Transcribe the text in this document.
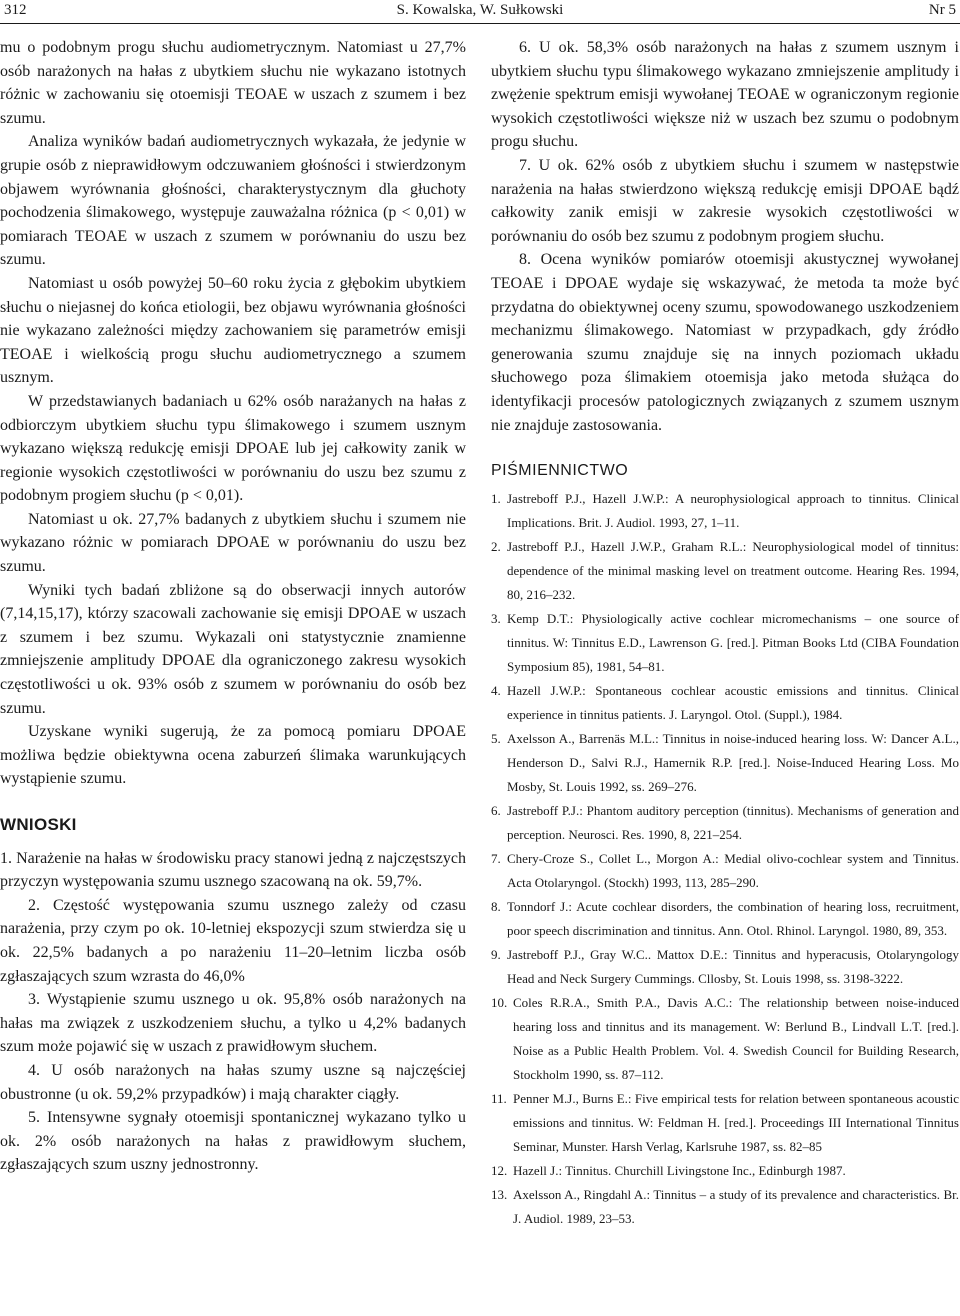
312	S. Kowalska, W. Sułkowski	Nr 5

mu o podobnym progu słuchu audiometrycznym. Natomiast u 27,7% osób narażonych na hałas z ubytkiem słuchu nie wykazano istotnych różnic w zachowaniu się otoemisji TEOAE w uszach z szumem i bez szumu.

Analiza wyników badań audiometrycznych wykazała, że jedynie w grupie osób z nieprawidłowym odczuwaniem głośności i stwierdzonym objawem wyrównania głośności, charakterystycznym dla głuchoty pochodzenia ślimakowego, występuje zauważalna różnica (p < 0,01) w pomiarach TEOAE w uszach z szumem w porównaniu do uszu bez szumu.

Natomiast u osób powyżej 50–60 roku życia z głębokim ubytkiem słuchu o niejasnej do końca etiologii, bez objawu wyrównania głośności nie wykazano zależności między zachowaniem się parametrów emisji TEOAE i wielkością progu słuchu audiometrycznego a szumem usznym.

W przedstawianych badaniach u 62% osób narażanych na hałas z odbiorczym ubytkiem słuchu typu ślimakowego i szumem usznym wykazano większą redukcję emisji DPOAE lub jej całkowity zanik w regionie wysokich częstotliwości w porównaniu do uszu bez szumu z podobnym progiem słuchu (p < 0,01).

Natomiast u ok. 27,7% badanych z ubytkiem słuchu i szumem nie wykazano różnic w pomiarach DPOAE w porównaniu do uszu bez szumu.

Wyniki tych badań zbliżone są do obserwacji innych autorów (7,14,15,17), którzy szacowali zachowanie się emisji DPOAE w uszach z szumem i bez szumu. Wykazali oni statystycznie znamienne zmniejszenie amplitudy DPOAE dla ograniczonego zakresu wysokich częstotliwości u ok. 93% osób z szumem w porównaniu do osób bez szumu.

Uzyskane wyniki sugerują, że za pomocą pomiaru DPOAE możliwa będzie obiektywna ocena zaburzeń ślimaka warunkujących wystąpienie szumu.

WNIOSKI

1. Narażenie na hałas w środowisku pracy stanowi jedną z najczęstszych przyczyn występowania szumu usznego szacowaną na ok. 59,7%.

2. Częstość występowania szumu usznego zależy od czasu narażenia, przy czym po ok. 10-letniej ekspozycji szum stwierdza się u ok. 22,5% badanych a po narażeniu 11–20–letnim liczba osób zgłaszających szum wzrasta do 46,0%

3. Wystąpienie szumu usznego u ok. 95,8% osób narażonych na hałas ma związek z uszkodzeniem słuchu, a tylko u 4,2% badanych szum może pojawić się w uszach z prawidłowym słuchem.

4. U osób narażonych na hałas szumy uszne są najczęściej obustronne (u ok. 59,2% przypadków) i mają charakter ciągły.

5. Intensywne sygnały otoemisji spontanicznej wykazano tylko u ok. 2% osób narażonych na hałas z prawidłowym słuchem, zgłaszających szum uszny jednostronny.

6. U ok. 58,3% osób narażonych na hałas z szumem usznym i ubytkiem słuchu typu ślimakowego wykazano zmniejszenie amplitudy i zwężenie spektrum emisji wywołanej TEOAE w ograniczonym regionie wysokich częstotliwości większe niż w uszach bez szumu o podobnym progu słuchu.

7. U ok. 62% osób z ubytkiem słuchu i szumem w następstwie narażenia na hałas stwierdzono większą redukcję emisji DPOAE bądź całkowity zanik emisji w zakresie wysokich częstotliwości w porównaniu do osób bez szumu z podobnym progiem słuchu.

8. Ocena wyników pomiarów otoemisji akustycznej wywołanej TEOAE i DPOAE wydaje się wskazywać, że metoda ta może być przydatna do obiektywnej oceny szumu, spowodowanego uszkodzeniem mechanizmu ślimakowego. Natomiast w przypadkach, gdy źródło generowania szumu znajduje się na innych poziomach układu słuchowego poza ślimakiem otoemisja jako metoda służąca do identyfikacji procesów patologicznych związanych z szumem usznym nie znajduje zastosowania.

PIŚMIENNICTWO
1. Jastreboff P.J., Hazell J.W.P.: A neurophysiological approach to tinnitus. Clinical Implications. Brit. J. Audiol. 1993, 27, 1–11.
2. Jastreboff P.J., Hazell J.W.P., Graham R.L.: Neurophysiological model of tinnitus: dependence of the minimal masking level on treatment outcome. Hearing Res. 1994, 80, 216–232.
3. Kemp D.T.: Physiologically active cochlear micromechanisms – one source of tinnitus. W: Tinnitus E.D., Lawrenson G. [red.]. Pitman Books Ltd (CIBA Foundation Symposium 85), 1981, 54–81.
4. Hazell J.W.P.: Spontaneous cochlear acoustic emissions and tinnitus. Clinical experience in tinnitus patients. J. Laryngol. Otol. (Suppl.), 1984.
5. Axelsson A., Barrenäs M.L.: Tinnitus in noise-induced hearing loss. W: Dancer A.L., Henderson D., Salvi R.J., Hamernik R.P. [red.]. Noise-Induced Hearing Loss. Mo Mosby, St. Louis 1992, ss. 269–276.
6. Jastreboff P.J.: Phantom auditory perception (tinnitus). Mechanisms of generation and perception. Neurosci. Res. 1990, 8, 221–254.
7. Chery-Croze S., Collet L., Morgon A.: Medial olivo-cochlear system and Tinnitus. Acta Otolaryngol. (Stockh) 1993, 113, 285–290.
8. Tonndorf J.: Acute cochlear disorders, the combination of hearing loss, recruitment, poor speech discrimination and tinnitus. Ann. Otol. Rhinol. Laryngol. 1980, 89, 353.
9. Jastreboff P.J., Gray W.C.. Mattox D.E.: Tinnitus and hyperacusis, Otolaryngology Head and Neck Surgery Cummings. Cllosby, St. Louis 1998, ss. 3198-3222.
10. Coles R.R.A., Smith P.A., Davis A.C.: The relationship between noise-induced hearing loss and tinnitus and its management. W: Berlund B., Lindvall L.T. [red.]. Noise as a Public Health Problem. Vol. 4. Swedish Council for Building Research, Stockholm 1990, ss. 87–112.
11. Penner M.J., Burns E.: Five empirical tests for relation between spontaneous acoustic emissions and tinnitus. W: Feldman H. [red.]. Proceedings III International Tinnitus Seminar, Munster. Harsh Verlag, Karlsruhe 1987, ss. 82–85
12. Hazell J.: Tinnitus. Churchill Livingstone Inc., Edinburgh 1987.
13. Axelsson A., Ringdahl A.: Tinnitus – a study of its prevalence and characteristics. Br. J. Audiol. 1989, 23–53.
